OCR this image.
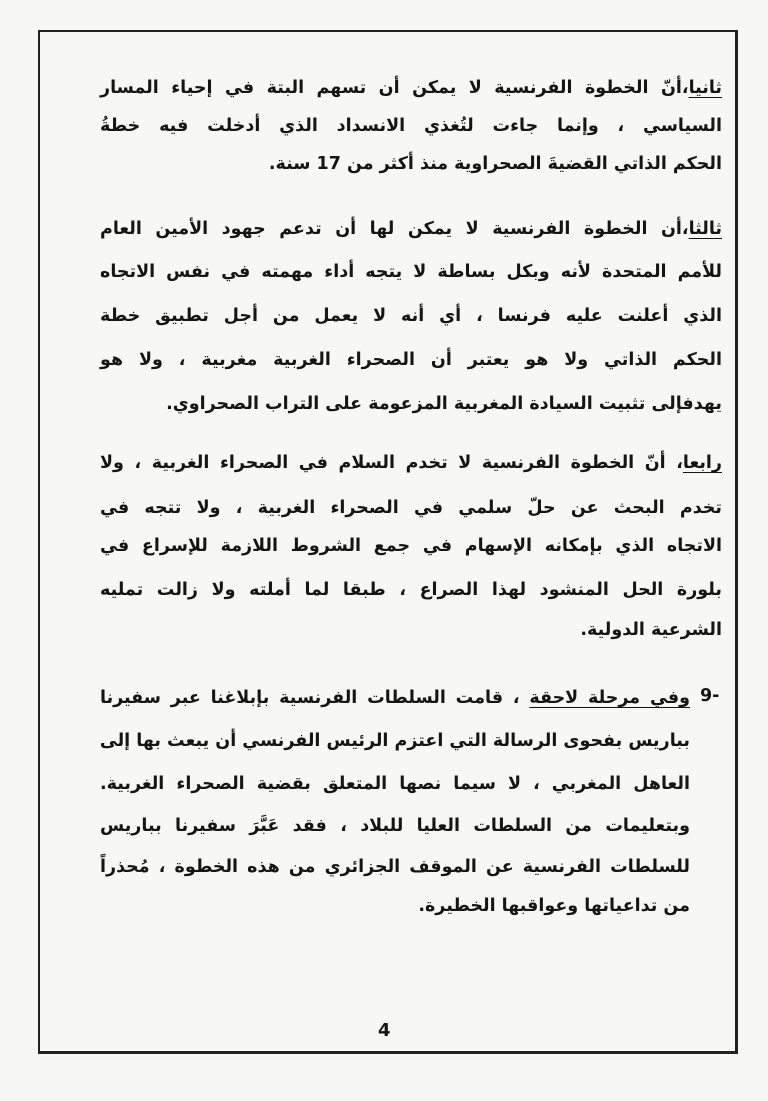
ثانيا،أنّ الخطوة الفرنسية لا يمكن أن تسهم البتة في إحياء المسار
السياسي ، وإنما جاءت لتُغذي الانسداد الذي أدخلت فيه خطةُ
الحكم الذاتي القضيةَ الصحراوية منذ أكثر من 17 سنة.
ثالثا،أن الخطوة الفرنسية لا يمكن لها أن تدعم جهود الأمين العام
للأمم المتحدة لأنه وبكل بساطة لا يتجه أداء مهمته في نفس الاتجاه
الذي أعلنت عليه فرنسا ، أي أنه لا يعمل من أجل تطبيق خطة
الحكم الذاتي ولا هو يعتبر أن الصحراء الغربية مغربية ، ولا هو
يهدفإلى تثبيت السيادة المغربية المزعومة على التراب الصحراوي.
رابعا، أنّ الخطوة الفرنسية لا تخدم السلام في الصحراء الغربية ، ولا
تخدم البحث عن حلّ سلمي في الصحراء الغربية ، ولا تتجه في
الاتجاه الذي بإمكانه الإسهام في جمع الشروط اللازمة للإسراع في
بلورة الحل المنشود لهذا الصراع ، طبقا لما أملته ولا زالت تمليه
الشرعية الدولية.
9-
وفي مرحلة لاحقة ، قامت السلطات الفرنسية بإبلاغنا عبر سفيرنا
بباريس بفحوى الرسالة التي اعتزم الرئيس الفرنسي أن يبعث بها إلى
العاهل المغربي ، لا سيما نصها المتعلق بقضية الصحراء الغربية.
وبتعليمات من السلطات العليا للبلاد ، فقد عَبَّرَ سفيرنا بباريس
للسلطات الفرنسية عن الموقف الجزائري من هذه الخطوة ، مُحذراً
من تداعياتها وعواقبها الخطيرة.
4
